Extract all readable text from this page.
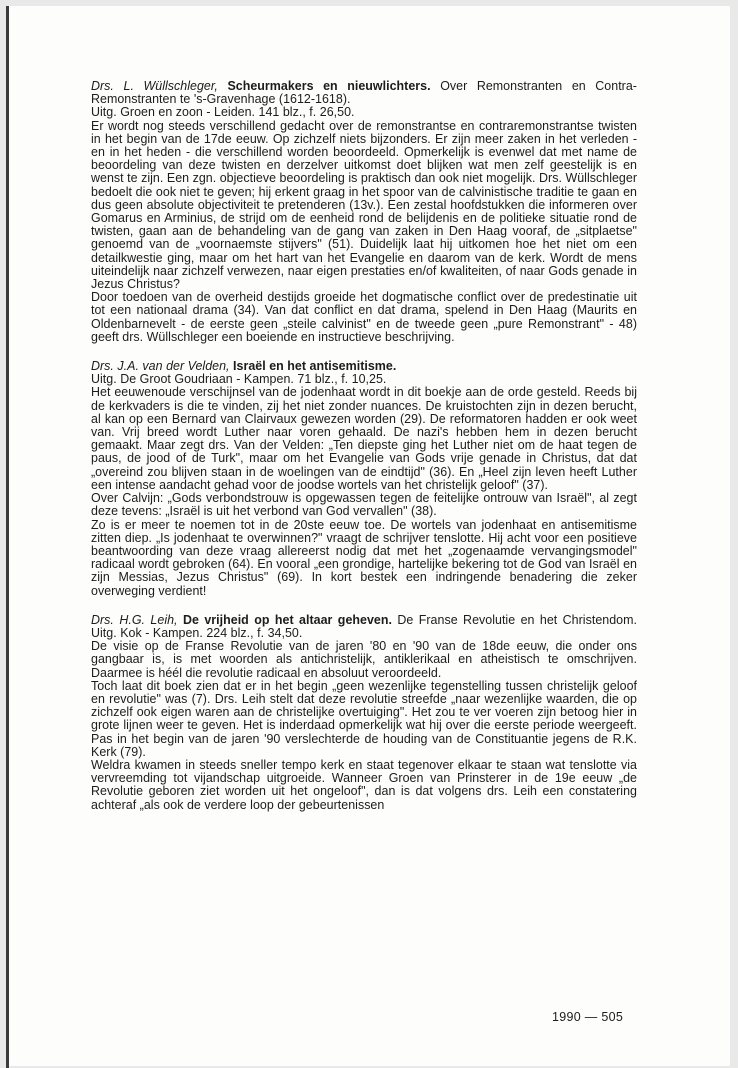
Drs. L. Wüllschleger, Scheurmakers en nieuwlichters. Over Remonstranten en Contra-Remonstranten te 's-Gravenhage (1612-1618).

Uitg. Groen en zoon - Leiden. 141 blz., f. 26,50.

Er wordt nog steeds verschillend gedacht over de remonstrantse en contraremonstrantse twisten in het begin van de 17de eeuw. Op zichzelf niets bijzonders. Er zijn meer zaken in het verleden - en in het heden - die verschillend worden beoordeeld. Opmerkelijk is evenwel dat met name de beoordeling van deze twisten en derzelver uitkomst doet blijken wat men zelf geestelijk is en wenst te zijn. Een zgn. objectieve beoordeling is praktisch dan ook niet mogelijk. Drs. Wüllschleger bedoelt die ook niet te geven; hij erkent graag in het spoor van de calvinistische traditie te gaan en dus geen absolute objectiviteit te pretenderen (13v.). Een zestal hoofdstukken die informeren over Gomarus en Arminius, de strijd om de eenheid rond de belijdenis en de politieke situatie rond de twisten, gaan aan de behandeling van de gang van zaken in Den Haag vooraf, de „sitplaetse" genoemd van de „voornaemste stijvers" (51). Duidelijk laat hij uitkomen hoe het niet om een detailkwestie ging, maar om het hart van het Evangelie en daarom van de kerk. Wordt de mens uiteindelijk naar zichzelf verwezen, naar eigen prestaties en/of kwaliteiten, of naar Gods genade in Jezus Christus?

Door toedoen van de overheid destijds groeide het dogmatische conflict over de predestinatie uit tot een nationaal drama (34). Van dat conflict en dat drama, spelend in Den Haag (Maurits en Oldenbarnevelt - de eerste geen „steile calvinist" en de tweede geen „pure Remonstrant" - 48) geeft drs. Wüllschleger een boeiende en instructieve beschrijving.

Drs. J.A. van der Velden, Israël en het antisemitisme.

Uitg. De Groot Goudriaan - Kampen. 71 blz., f. 10,25.

Het eeuwenoude verschijnsel van de jodenhaat wordt in dit boekje aan de orde gesteld. Reeds bij de kerkvaders is die te vinden, zij het niet zonder nuances. De kruistochten zijn in dezen berucht, al kan op een Bernard van Clairvaux gewezen worden (29). De reformatoren hadden er ook weet van. Vrij breed wordt Luther naar voren gehaald. De nazi's hebben hem in dezen berucht gemaakt. Maar zegt drs. Van der Velden: „Ten diepste ging het Luther niet om de haat tegen de paus, de jood of de Turk", maar om het Evangelie van Gods vrije genade in Christus, dat dat „overeind zou blijven staan in de woelingen van de eindtijd" (36). En „Heel zijn leven heeft Luther een intense aandacht gehad voor de joodse wortels van het christelijk geloof" (37).

Over Calvijn: „Gods verbondstrouw is opgewassen tegen de feitelijke ontrouw van Israël", al zegt deze tevens: „Israël is uit het verbond van God vervallen" (38).

Zo is er meer te noemen tot in de 20ste eeuw toe. De wortels van jodenhaat en antisemitisme zitten diep. „Is jodenhaat te overwinnen?" vraagt de schrijver tenslotte. Hij acht voor een positieve beantwoording van deze vraag allereerst nodig dat met het „zogenaamde vervangingsmodel" radicaal wordt gebroken (64). En vooral „een grondige, hartelijke bekering tot de God van Israël en zijn Messias, Jezus Christus" (69). In kort bestek een indringende benadering die zeker overweging verdient!

Drs. H.G. Leih, De vrijheid op het altaar geheven. De Franse Revolutie en het Christendom. Uitg. Kok - Kampen. 224 blz., f. 34,50.

De visie op de Franse Revolutie van de jaren '80 en '90 van de 18de eeuw, die onder ons gangbaar is, is met woorden als antichristelijk, antiklerikaal en atheistisch te omschrijven. Daarmee is héél die revolutie radicaal en absoluut veroordeeld.

Toch laat dit boek zien dat er in het begin „geen wezenlijke tegenstelling tussen christelijk geloof en revolutie" was (7). Drs. Leih stelt dat deze revolutie streefde „naar wezenlijke waarden, die op zichzelf ook eigen waren aan de christelijke overtuiging". Het zou te ver voeren zijn betoog hier in grote lijnen weer te geven. Het is inderdaad opmerkelijk wat hij over die eerste periode weergeeft. Pas in het begin van de jaren '90 verslechterde de houding van de Constituantie jegens de R.K. Kerk (79).

Weldra kwamen in steeds sneller tempo kerk en staat tegenover elkaar te staan wat tenslotte via vervreemding tot vijandschap uitgroeide. Wanneer Groen van Prinsterer in de 19e eeuw „de Revolutie geboren ziet worden uit het ongeloof", dan is dat volgens drs. Leih een constatering achteraf „als ook de verdere loop der gebeurtenissen

1990 — 505
